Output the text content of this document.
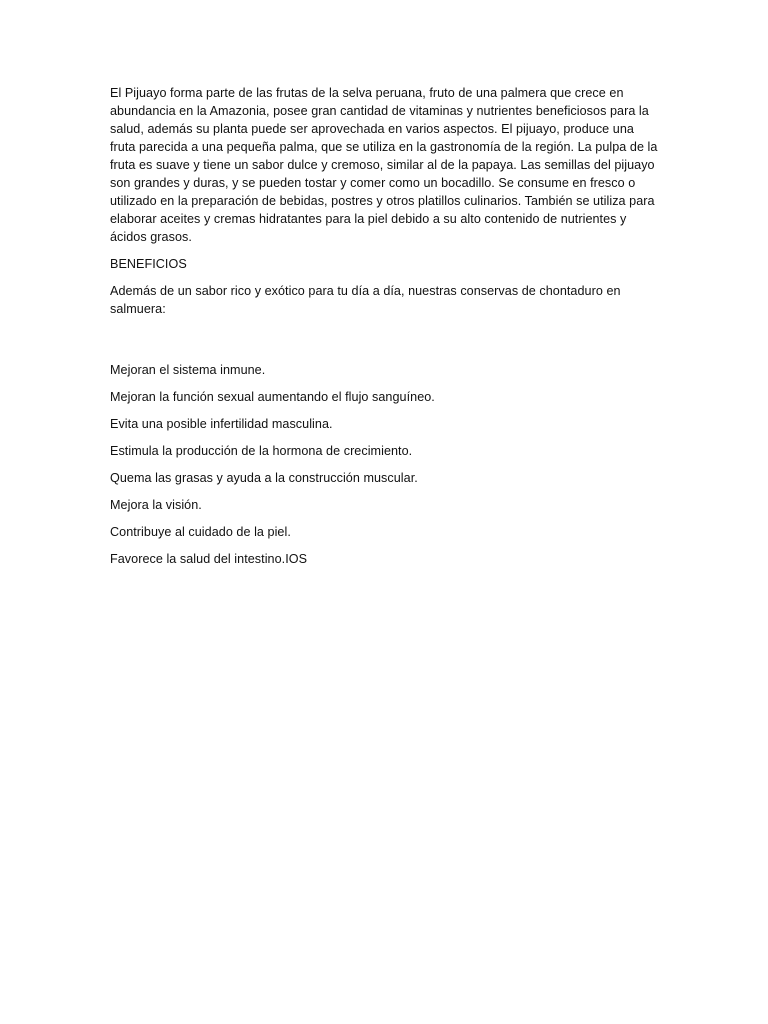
El Pijuayo forma parte de las frutas de la selva peruana, fruto de una palmera que crece en abundancia en la Amazonia, posee gran cantidad de vitaminas y nutrientes beneficiosos para la salud, además su planta puede ser aprovechada en varios aspectos. El pijuayo, produce una fruta parecida a una pequeña palma, que se utiliza en la gastronomía de la región. La pulpa de la fruta es suave y tiene un sabor dulce y cremoso, similar al de la papaya. Las semillas del pijuayo son grandes y duras, y se pueden tostar y comer como un bocadillo. Se consume en fresco o utilizado en la preparación de bebidas, postres y otros platillos culinarios. También se utiliza para elaborar aceites y cremas hidratantes para la piel debido a su alto contenido de nutrientes y ácidos grasos.

BENEFICIOS

Además de un sabor rico y exótico para tu día a día, nuestras conservas de chontaduro en salmuera:

Mejoran el sistema inmune.
Mejoran la función sexual aumentando el flujo sanguíneo.
Evita una posible infertilidad masculina.
Estimula la producción de la hormona de crecimiento.
Quema las grasas y ayuda a la construcción muscular.
Mejora la visión.
Contribuye al cuidado de la piel.
Favorece la salud del intestino.IOS
